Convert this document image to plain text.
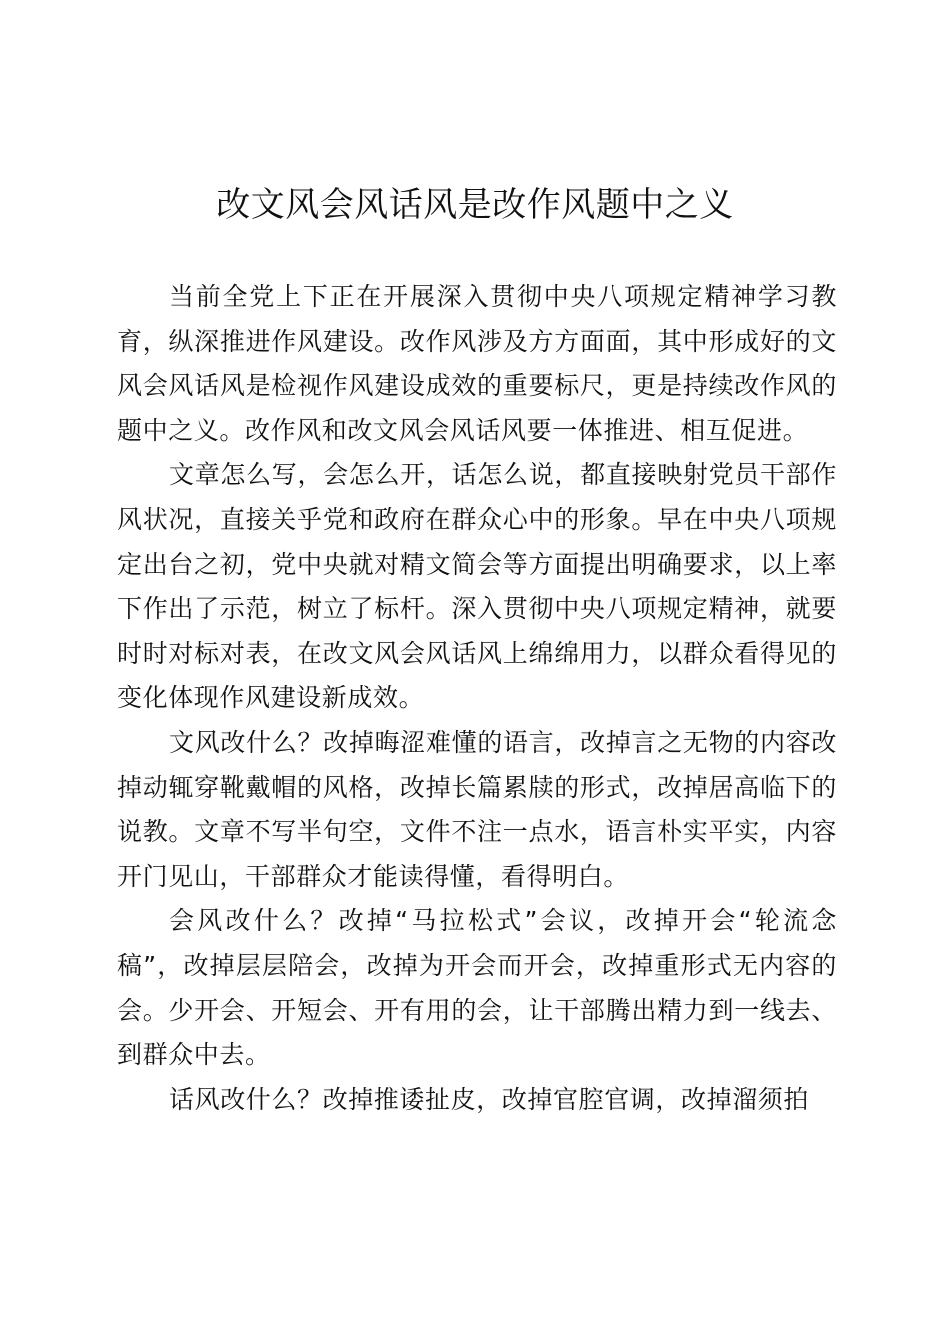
改文风会风话风是改作风题中之义

当前全党上下正在开展深入贯彻中央八项规定精神学习教育，纵深推进作风建设。改作风涉及方方面面，其中形成好的文风会风话风是检视作风建设成效的重要标尺，更是持续改作风的题中之义。改作风和改文风会风话风要一体推进、相互促进。

文章怎么写，会怎么开，话怎么说，都直接映射党员干部作风状况，直接关乎党和政府在群众心中的形象。早在中央八项规定出台之初，党中央就对精文简会等方面提出明确要求，以上率下作出了示范，树立了标杆。深入贯彻中央八项规定精神，就要时时对标对表，在改文风会风话风上绵绵用力，以群众看得见的变化体现作风建设新成效。

文风改什么？改掉晦涩难懂的语言，改掉言之无物的内容改掉动辄穿靴戴帽的风格，改掉长篇累牍的形式，改掉居高临下的说教。文章不写半句空，文件不注一点水，语言朴实平实，内容开门见山，干部群众才能读得懂，看得明白。

会风改什么？改掉“马拉松式”会议，改掉开会“轮流念稿”，改掉层层陪会，改掉为开会而开会，改掉重形式无内容的会。少开会、开短会、开有用的会，让干部腾出精力到一线去、到群众中去。

话风改什么？改掉推诿扯皮，改掉官腔官调，改掉溜须拍
